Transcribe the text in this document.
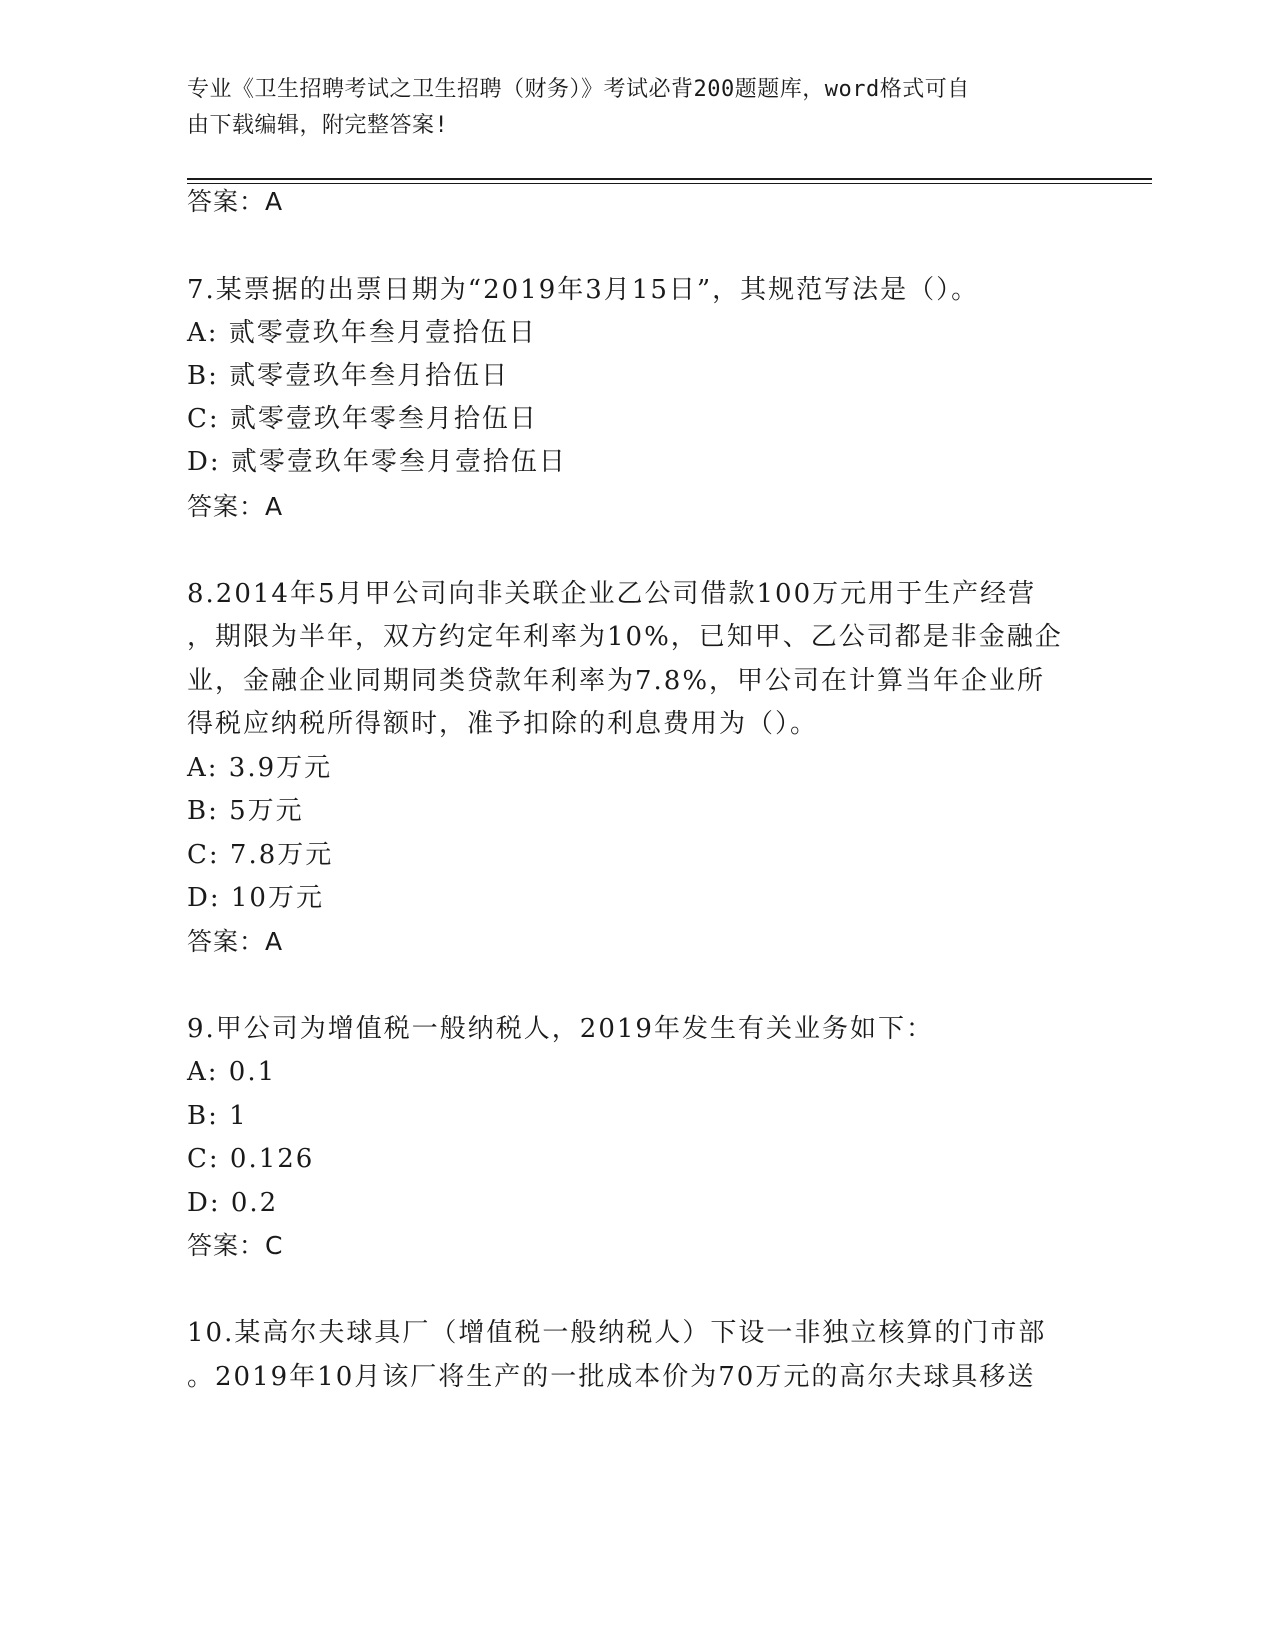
专业《卫生招聘考试之卫生招聘（财务）》考试必背200题题库，word格式可自
由下载编辑，附完整答案!
答案：A
7.某票据的出票日期为“2019年3月15日”，其规范写法是（）。
A: 贰零壹玖年叁月壹拾伍日
B: 贰零壹玖年叁月拾伍日
C: 贰零壹玖年零叁月拾伍日
D: 贰零壹玖年零叁月壹拾伍日
答案：A
8.2014年5月甲公司向非关联企业乙公司借款100万元用于生产经营
，期限为半年，双方约定年利率为10%，已知甲、乙公司都是非金融企
业，金融企业同期同类贷款年利率为7.8%，甲公司在计算当年企业所
得税应纳税所得额时，准予扣除的利息费用为（）。
A: 3.9万元
B: 5万元
C: 7.8万元
D: 10万元
答案：A
9.甲公司为增值税一般纳税人，2019年发生有关业务如下：
A: 0.1
B: 1
C: 0.126
D: 0.2
答案：C
10.某高尔夫球具厂（增值税一般纳税人）下设一非独立核算的门市部
。2019年10月该厂将生产的一批成本价为70万元的高尔夫球具移送
